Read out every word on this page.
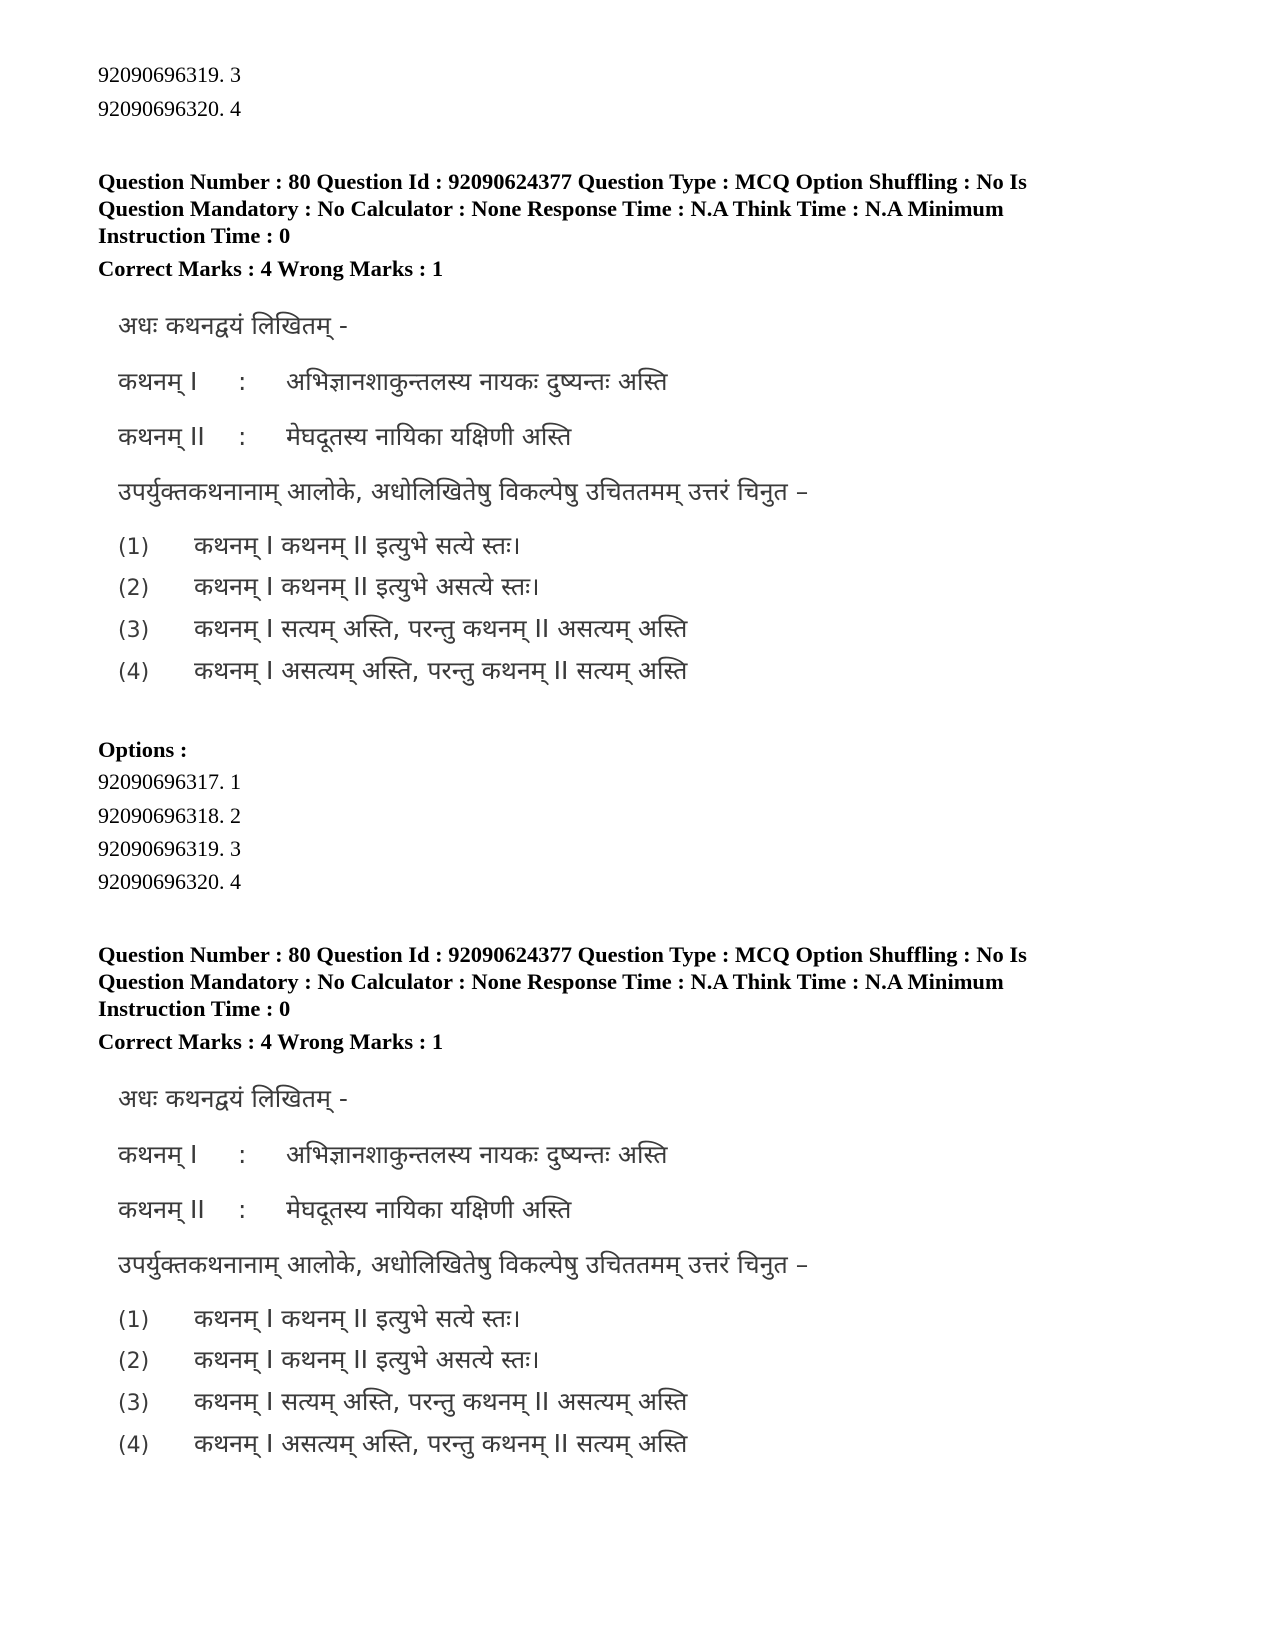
92090696319. 3
92090696320. 4
Question Number : 80 Question Id : 92090624377 Question Type : MCQ Option Shuffling : No Is
Question Mandatory : No Calculator : None Response Time : N.A Think Time : N.A Minimum
Instruction Time : 0
Correct Marks : 4 Wrong Marks : 1
अधः कथनद्वयं लिखितम् -
कथनम् I : अभिज्ञानशाकुन्तलस्य नायकः दुष्यन्तः अस्ति
कथनम् II : मेघदूतस्य नायिका यक्षिणी अस्ति
उपर्युक्तकथनानाम् आलोके, अधोलिखितेषु विकल्पेषु उचिततमम् उत्तरं चिनुत –
(1) कथनम् I कथनम् II इत्युभे सत्ये स्तः।
(2) कथनम् I कथनम् II इत्युभे असत्ये स्तः।
(3) कथनम् I सत्यम् अस्ति, परन्तु कथनम् II असत्यम् अस्ति
(4) कथनम् I असत्यम् अस्ति, परन्तु कथनम् II सत्यम् अस्ति
Options :
92090696317. 1
92090696318. 2
92090696319. 3
92090696320. 4
Question Number : 80 Question Id : 92090624377 Question Type : MCQ Option Shuffling : No Is
Question Mandatory : No Calculator : None Response Time : N.A Think Time : N.A Minimum
Instruction Time : 0
Correct Marks : 4 Wrong Marks : 1
अधः कथनद्वयं लिखितम् -
कथनम् I : अभिज्ञानशाकुन्तलस्य नायकः दुष्यन्तः अस्ति
कथनम् II : मेघदूतस्य नायिका यक्षिणी अस्ति
उपर्युक्तकथनानाम् आलोके, अधोलिखितेषु विकल्पेषु उचिततमम् उत्तरं चिनुत –
(1) कथनम् I कथनम् II इत्युभे सत्ये स्तः।
(2) कथनम् I कथनम् II इत्युभे असत्ये स्तः।
(3) कथनम् I सत्यम् अस्ति, परन्तु कथनम् II असत्यम् अस्ति
(4) कथनम् I असत्यम् अस्ति, परन्तु कथनम् II सत्यम् अस्ति
